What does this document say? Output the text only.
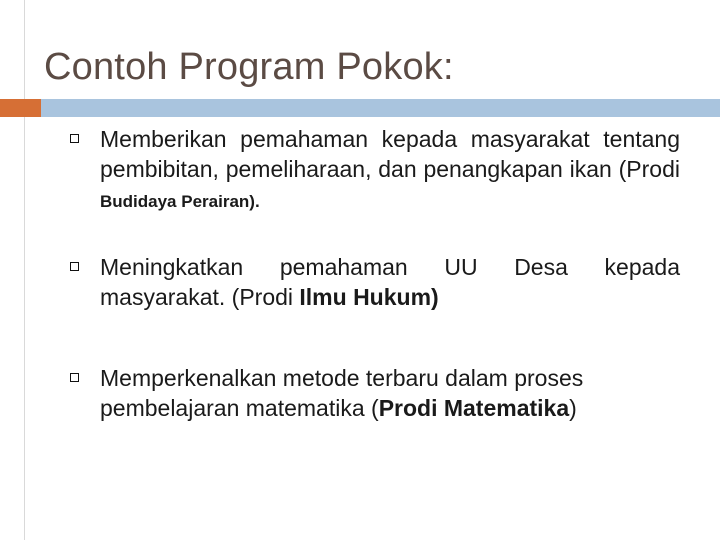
Contoh Program Pokok:
Memberikan pemahaman kepada masyarakat tentang pembibitan, pemeliharaan, dan penangkapan ikan (Prodi Budidaya Perairan).
Meningkatkan pemahaman UU Desa kepada masyarakat. (Prodi Ilmu Hukum)
Memperkenalkan metode terbaru dalam proses
pembelajaran matematika (Prodi Matematika)
